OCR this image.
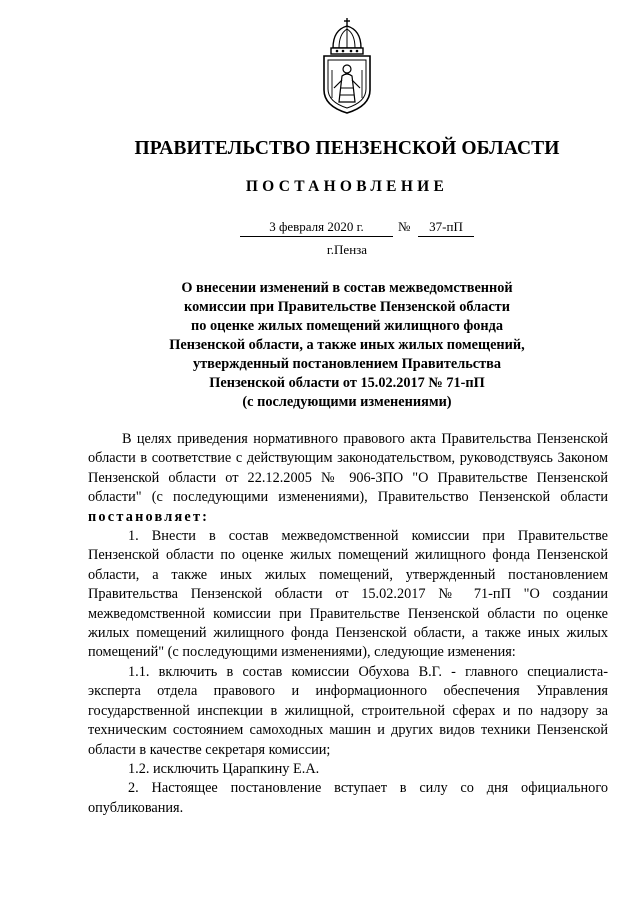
ПРАВИТЕЛЬСТВО ПЕНЗЕНСКОЙ ОБЛАСТИ
ПОСТАНОВЛЕНИЕ
3 февраля 2020 г.	№	37-пП
г.Пенза
О внесении изменений в состав межведомственной
комиссии при Правительстве Пензенской области
по оценке жилых помещений жилищного фонда
Пензенской области, а также иных жилых помещений,
утвержденный постановлением Правительства
Пензенской области от 15.02.2017 № 71-пП
(с последующими изменениями)

В целях приведения нормативного правового акта Правительства Пензенской области в соответствие с действующим законодательством, руководствуясь Законом Пензенской области от 22.12.2005 № 906-ЗПО "О Правительстве Пензенской области" (с последующими изменениями), Правительство Пензенской области постановляет:

1. Внести в состав межведомственной комиссии при Правительстве Пензенской области по оценке жилых помещений жилищного фонда Пензенской области, а также иных жилых помещений, утвержденный постановлением Правительства Пензенской области от 15.02.2017 № 71-пП "О создании межведомственной комиссии при Правительстве Пензенской области по оценке жилых помещений жилищного фонда Пензенской области, а также иных жилых помещений" (с последующими изменениями), следующие изменения:

1.1. включить в состав комиссии Обухова В.Г. - главного специалиста-эксперта отдела правового и информационного обеспечения Управления государственной инспекции в жилищной, строительной сферах и по надзору за техническим состоянием самоходных машин и других видов техники Пензенской области в качестве секретаря комиссии;

1.2. исключить Царапкину Е.А.

2. Настоящее постановление вступает в силу со дня официального опубликования.
